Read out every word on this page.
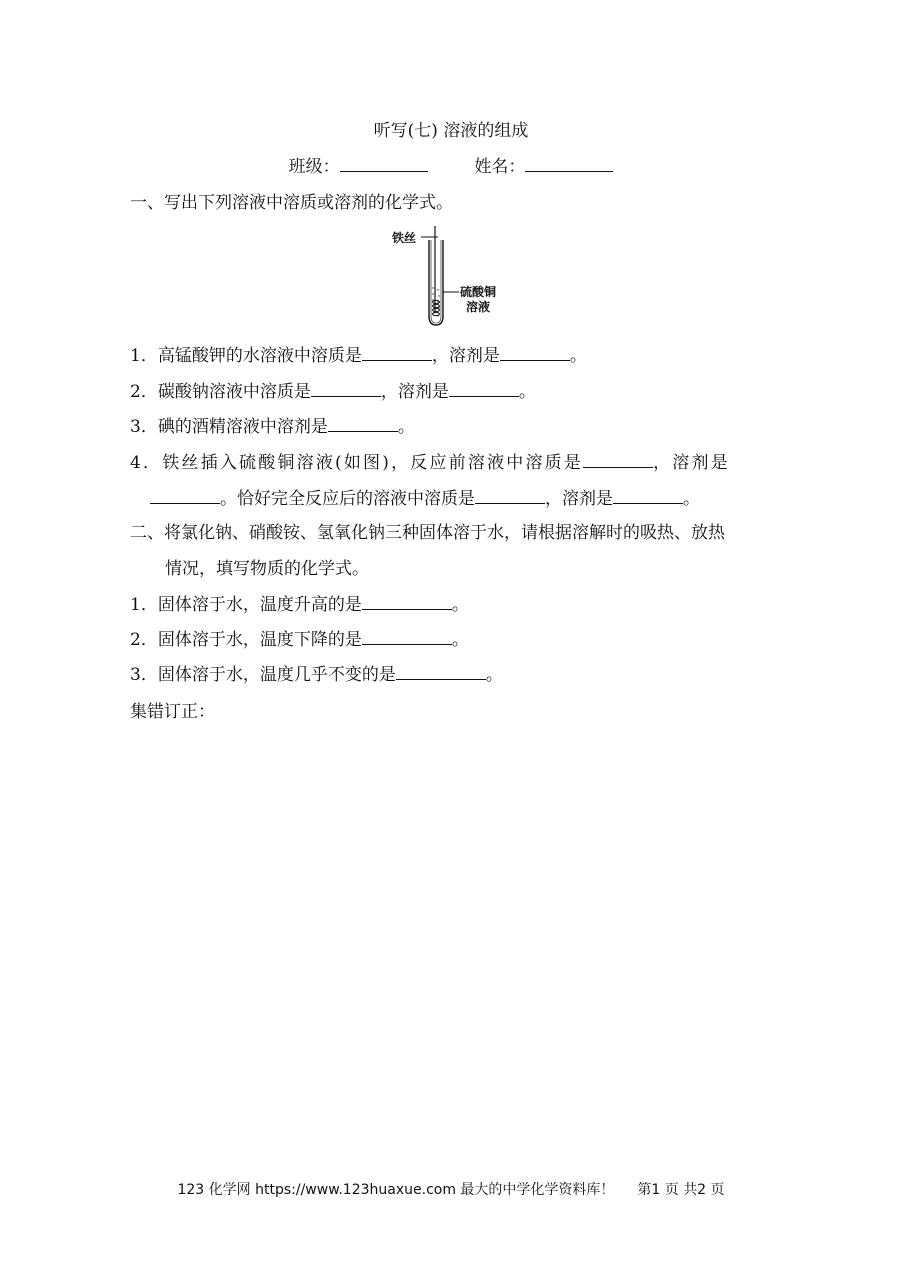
听写(七) 溶液的组成
班级：	姓名：
一、写出下列溶液中溶质或溶剂的化学式。
铁丝
硫酸铜
溶液
1．高锰酸钾的水溶液中溶质是	，溶剂是	。
2．碳酸钠溶液中溶质是	，溶剂是	。
3．碘的酒精溶液中溶剂是	。
4．铁丝插入硫酸铜溶液(如图)，反应前溶液中溶质是	，溶剂是
。恰好完全反应后的溶液中溶质是	，溶剂是	。
二、将氯化钠、硝酸铵、氢氧化钠三种固体溶于水，请根据溶解时的吸热、放热
情况，填写物质的化学式。
1．固体溶于水，温度升高的是	。
2．固体溶于水，温度下降的是	。
3．固体溶于水，温度几乎不变的是	。
集错订正：
123 化学网 https://www.123huaxue.com 最大的中学化学资料库！ 第1 页 共2 页
